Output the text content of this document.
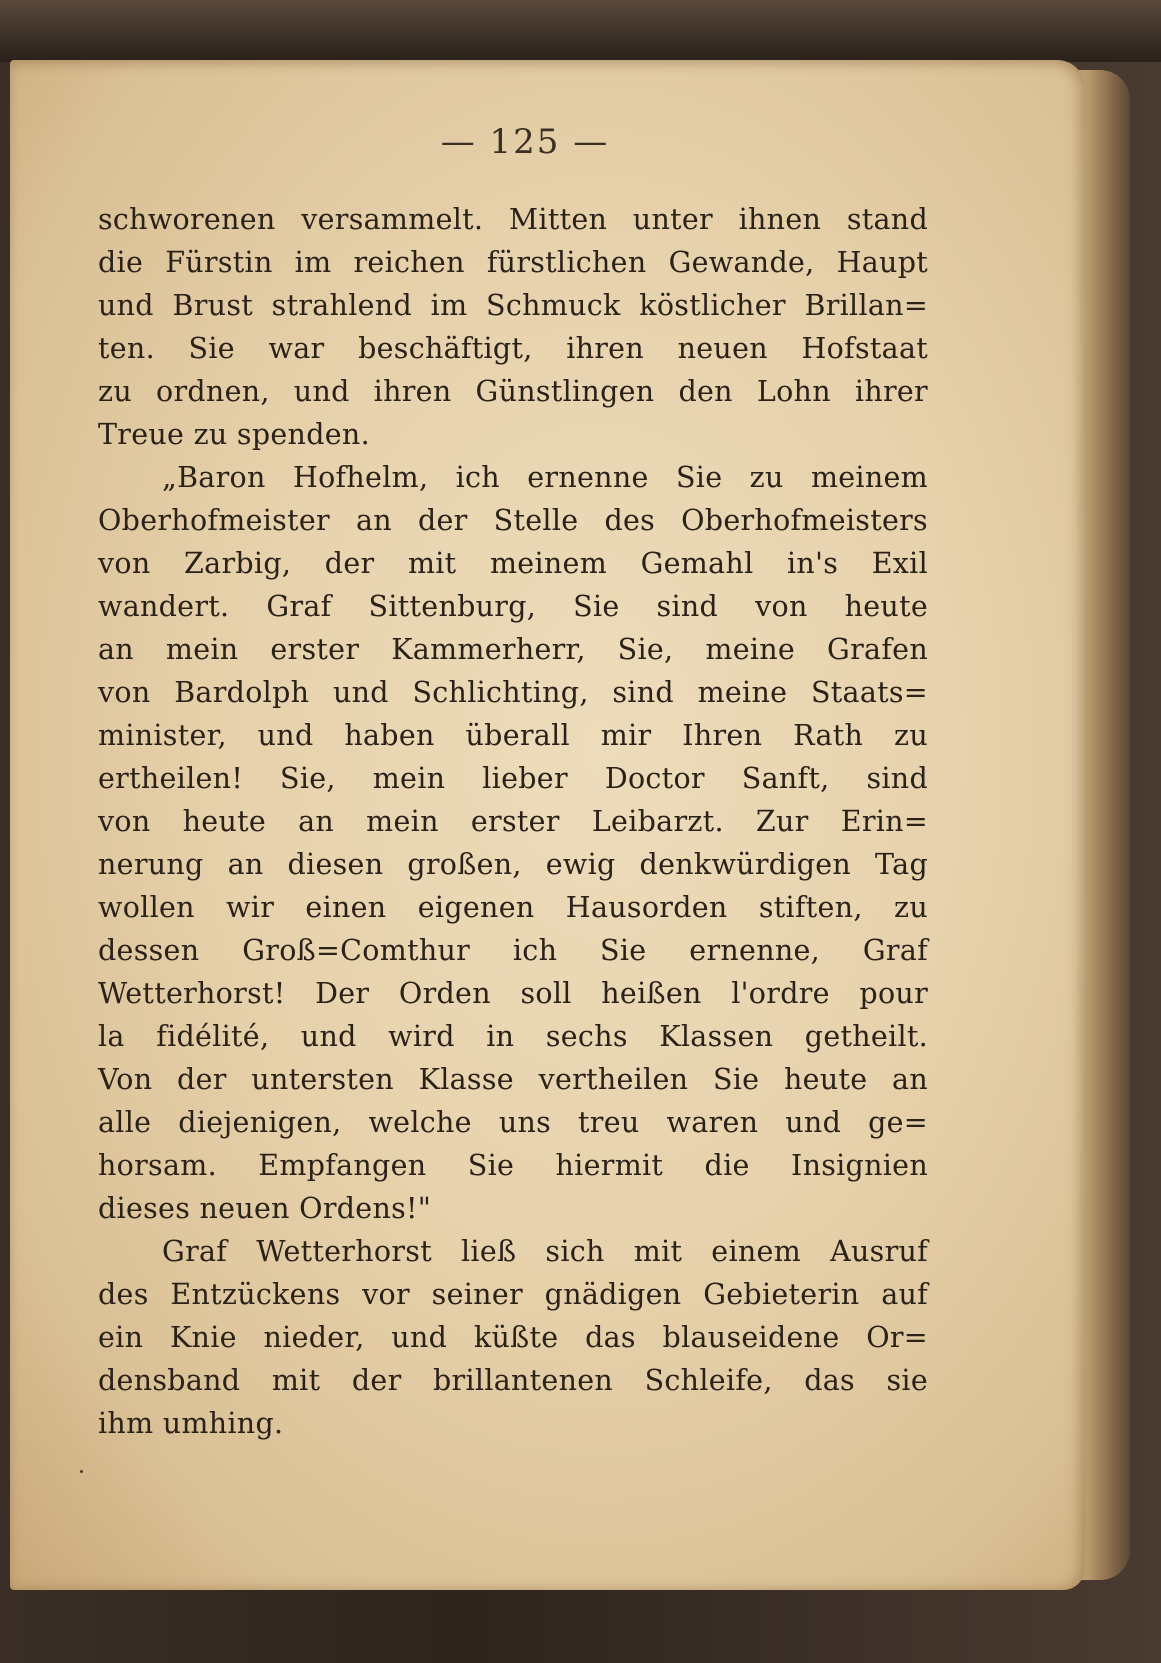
— 125 —
schworenen versammelt. Mitten unter ihnen stand
die Fürstin im reichen fürstlichen Gewande, Haupt
und Brust strahlend im Schmuck köstlicher Brillan=
ten. Sie war beschäftigt, ihren neuen Hofstaat
zu ordnen, und ihren Günstlingen den Lohn ihrer
Treue zu spenden.
„Baron Hofhelm, ich ernenne Sie zu meinem
Oberhofmeister an der Stelle des Oberhofmeisters
von Zarbig, der mit meinem Gemahl in's Exil
wandert. Graf Sittenburg, Sie sind von heute
an mein erster Kammerherr, Sie, meine Grafen
von Bardolph und Schlichting, sind meine Staats=
minister, und haben überall mir Ihren Rath zu
ertheilen! Sie, mein lieber Doctor Sanft, sind
von heute an mein erster Leibarzt. Zur Erin=
nerung an diesen großen, ewig denkwürdigen Tag
wollen wir einen eigenen Hausorden stiften, zu
dessen Groß=Comthur ich Sie ernenne, Graf
Wetterhorst! Der Orden soll heißen l'ordre pour
la fidélité, und wird in sechs Klassen getheilt.
Von der untersten Klasse vertheilen Sie heute an
alle diejenigen, welche uns treu waren und ge=
horsam. Empfangen Sie hiermit die Insignien
dieses neuen Ordens!"
Graf Wetterhorst ließ sich mit einem Ausruf
des Entzückens vor seiner gnädigen Gebieterin auf
ein Knie nieder, und küßte das blauseidene Or=
densband mit der brillantenen Schleife, das sie
ihm umhing.
